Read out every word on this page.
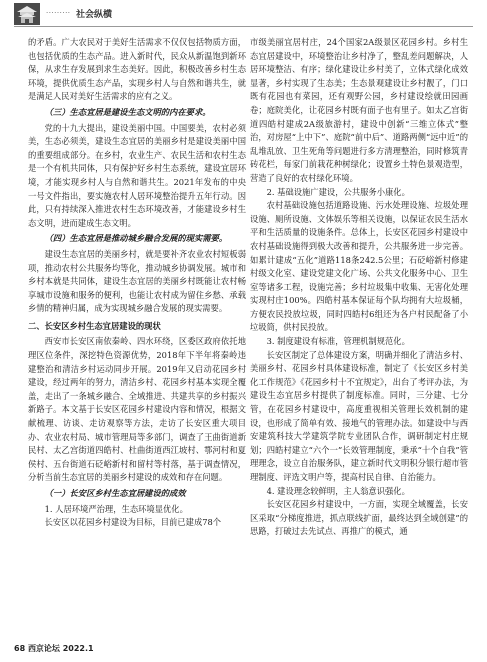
········· 社会纵横

的矛盾。广大农民对于美好生活需求不仅仅包括物质方面，也包括优质的生态产品。进入新时代，民众从新温饱到新环保，从求生存发展到求生态美好。因此，积极改善乡村生态环境，提供优质生态产品，实现乡村人与自然和谐共生，就是满足人民对美好生活需求的应有之义。

（三）生态宜居是建设生态文明的内在要求。

党的十九大提出，建设美丽中国。中国要美，农村必须美，生态必须美，建设生态宜居的美丽乡村是建设美丽中国的重要组成部分。在乡村，农业生产、农民生活和农村生态是一个有机共同体，只有保护好乡村生态系统，建设宜居环境，才能实现乡村人与自然和谐共生。2021年发布的中央一号文件指出，要实施农村人居环境整治提升五年行动。因此，只有持续深入推进农村生态环境改善，才能建设乡村生态文明，进而建成生态文明。

（四）生态宜居是推动城乡融合发展的现实需要。

建设生态宜居的美丽乡村，就是要补齐农业农村短板弱项，推动农村公共服务均等化，推动城乡协调发展。城市和乡村本就是共同体，建设生态宜居的美丽乡村既能让农村畅享城市设施和服务的便利，也能让农村成为留住乡愁、承载乡情的精神归属，成为实现城乡融合发展的现实需要。

二、长安区乡村生态宜居建设的现状

西安市长安区南依秦岭、四水环绕，区委区政府依托地理区位条件，深挖特色资源优势，2018年下半年将秦岭违建整治和清洁乡村运动同步开展。2019年又启动花园乡村建设，经过两年的努力，清洁乡村、花园乡村基本实现全覆盖，走出了一条城乡融合、全域推进、共建共享的乡村振兴新路子。本文基于长安区花园乡村建设内容和情况，根据文献梳理、访谈、走访观察等方法，走访了长安区重大项目办、农业农村局、城市管理局等多部门，调查了王曲街道新民村、太乙宫街道四皓村、杜曲街道西江坡村、鄠河村和夏侯村、五台街道石砭峪新村和留村等村落，基于调查情况，分析当前生态宜居的美丽乡村建设的成效和存在问题。

（一）长安区乡村生态宜居建设的成效

1. 人居环境严治理，生态环境显优化。

长安区以花园乡村建设为目标，目前已建成78个

市级美丽宜居村庄，24个国家2A级景区花园乡村。乡村生态宜居建设中，环境整治让乡村净了，整乱差问题解决，人居环境整洁、有序；绿化建设让乡村美了，立体式绿化成效显著，乡村实现了生态美；生态景观建设让乡村靓了，门口既有花园也有菜园，还有观野公园，乡村建设绘就田园画卷；庭院美化，让花园乡村既有面子也有里子。如太乙宫街道四皓村建成2A级旅游村，建设中创新“三维立体式”整治，对房屋“上中下”、庭院“前中后”、道路两侧“远中近”的乱堆乱放、卫生死角等问题进行多方清理整治，同时修筑青砖花栏，每家门前栽花种树绿化；设置乡土特色景观造型，营造了良好的农村绿化环境。

2. 基础设施广建设，公共服务小康化。

农村基础设施包括道路设施、污水处理设施、垃圾处理设施、厕所设施、文体娱乐等相关设施，以保证农民生活水平和生活质量的设施条件。总体上，长安区花园乡村建设中农村基础设施得到极大改善和提升，公共服务进一步完善。如累计建成“五化”道路118条242.5公里；石砭峪新村修建村级文化室、建设党建文化广场、公共文化服务中心、卫生室等诸多工程，设施完善；乡村垃圾集中收集、无害化处理实现村庄100%。四皓村基本保证每个队均拥有大垃圾桶，方便农民投放垃圾，同时四皓村6组还为各户村民配备了小垃圾筒，供村民投放。

3. 制度建设有标准，管理机制规范化。

长安区制定了总体建设方案，明确并细化了清洁乡村、美丽乡村、花园乡村具体建设标准，制定了《长安区乡村美化工作规范》《花园乡村十不宜规定》，出台了考评办法，为建设生态宜居乡村提供了制度标准。同时，三分建、七分管，在花园乡村建设中，高度重视相关管理长效机制的建设，也形成了简单有效、接地气的管理办法。如建设中与西安建筑科技大学建筑学院专业团队合作，调研制定村庄规划；四皓村建立“六个一”长效管理制度，秉承“十个自我”管理理念，设立自治服务队，建立新时代文明积分银行超市管理制度、评选文明户等，提高村民自律、自治能力。

4. 建设理念较鲜明，主人翁意识强化。

长安区花园乡村建设中，一方面，实现全域覆盖，长安区采取“分梯度推进，抓点联线扩面，最终达到全域创建”的思路，打破过去先试点、再推广的模式，通

68 西京论坛 2022.1
